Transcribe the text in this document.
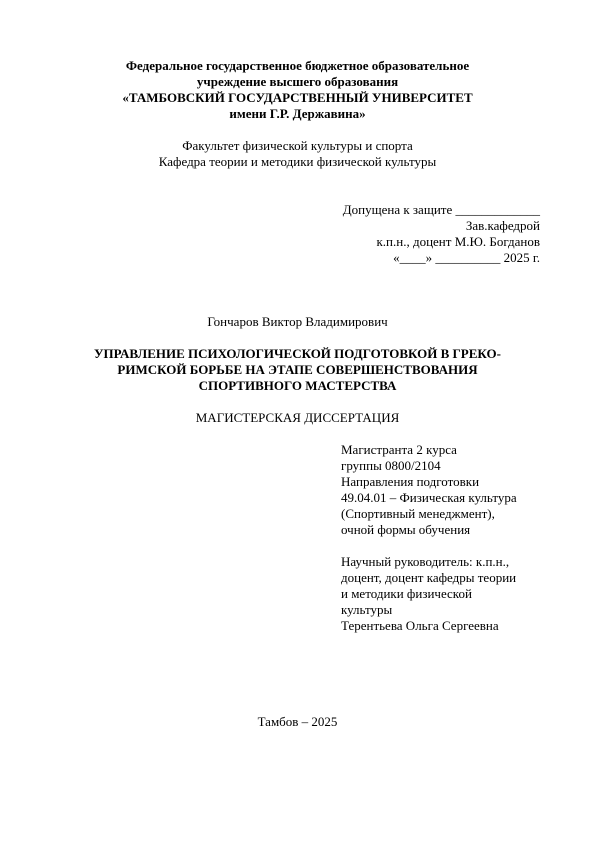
Федеральное государственное бюджетное образовательное
учреждение высшего образования
«ТАМБОВСКИЙ ГОСУДАРСТВЕННЫЙ УНИВЕРСИТЕТ
имени Г.Р. Державина»
Факультет физической культуры и спорта
Кафедра теории и методики физической культуры
Допущена к защите _____________
Зав.кафедрой
к.п.н., доцент М.Ю. Богданов
«____» __________ 2025 г.
Гончаров Виктор Владимирович
УПРАВЛЕНИЕ ПСИХОЛОГИЧЕСКОЙ ПОДГОТОВКОЙ В ГРЕКО-
РИМСКОЙ БОРЬБЕ НА ЭТАПЕ СОВЕРШЕНСТВОВАНИЯ
СПОРТИВНОГО МАСТЕРСТВА
МАГИСТЕРСКАЯ ДИССЕРТАЦИЯ
Магистранта 2 курса
группы 0800/2104
Направления подготовки
49.04.01 – Физическая культура
(Спортивный менеджмент),
очной формы обучения
Научный руководитель: к.п.н.,
доцент, доцент кафедры теории
и методики физической
культуры
Терентьева Ольга Сергеевна
Тамбов – 2025
